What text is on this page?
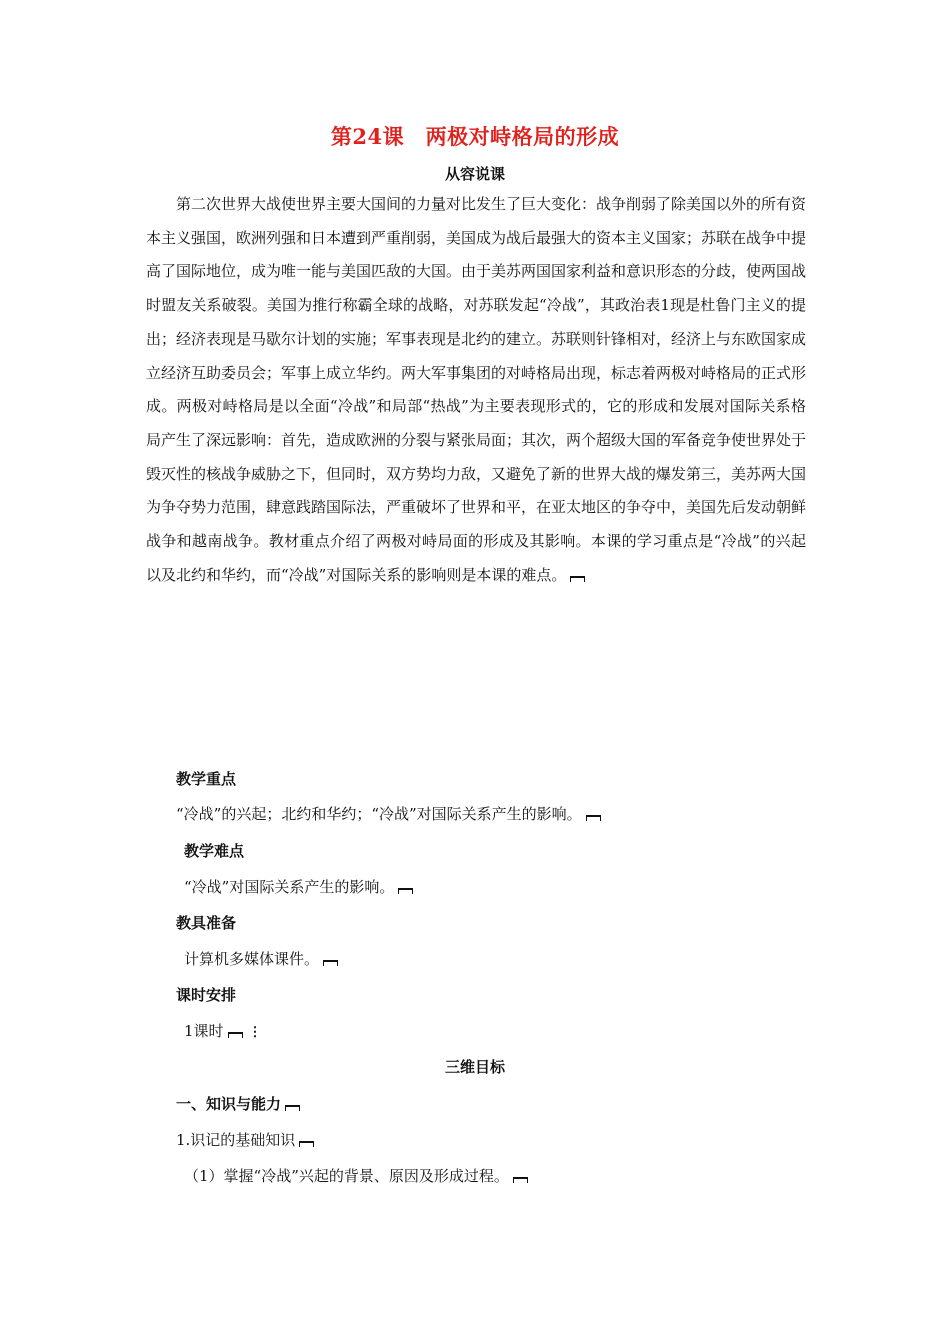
第24课　两极对峙格局的形成
从容说课

第二次世界大战使世界主要大国间的力量对比发生了巨大变化：战争削弱了除美国以外的所有资本主义强国，欧洲列强和日本遭到严重削弱，美国成为战后最强大的资本主义国家；苏联在战争中提高了国际地位，成为唯一能与美国匹敌的大国。由于美苏两国国家利益和意识形态的分歧，使两国战时盟友关系破裂。美国为推行称霸全球的战略，对苏联发起“冷战”，其政治表1现是杜鲁门主义的提出；经济表现是马歇尔计划的实施；军事表现是北约的建立。苏联则针锋相对，经济上与东欧国家成立经济互助委员会；军事上成立华约。两大军事集团的对峙格局出现，标志着两极对峙格局的正式形成。两极对峙格局是以全面“冷战”和局部“热战”为主要表现形式的，它的形成和发展对国际关系格局产生了深远影响：首先，造成欧洲的分裂与紧张局面；其次，两个超级大国的军备竞争使世界处于毁灭性的核战争威胁之下，但同时，双方势均力敌，又避免了新的世界大战的爆发第三，美苏两大国为争夺势力范围，肆意践踏国际法，严重破坏了世界和平，在亚太地区的争夺中，美国先后发动朝鲜战争和越南战争。教材重点介绍了两极对峙局面的形成及其影响。本课的学习重点是“冷战”的兴起以及北约和华约，而“冷战”对国际关系的影响则是本课的难点。

教学重点
“冷战”的兴起；北约和华约；“冷战”对国际关系产生的影响。
教学难点
“冷战”对国际关系产生的影响。
教具准备
计算机多媒体课件。
课时安排
1课时 ⋮
三维目标
一、知识与能力
1.识记的基础知识
（1）掌握“冷战”兴起的背景、原因及形成过程。
